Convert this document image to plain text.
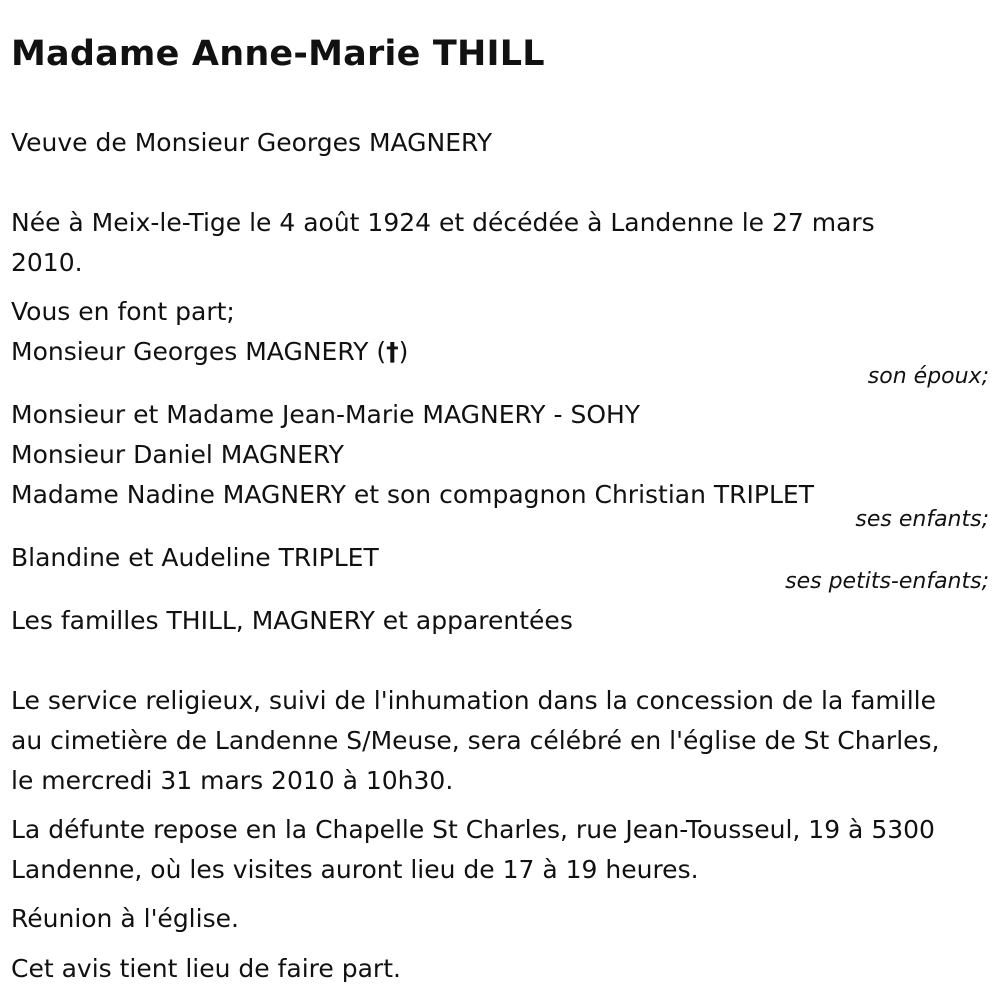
Madame Anne-Marie THILL
Veuve de Monsieur Georges MAGNERY
Née à Meix-le-Tige le 4 août 1924 et décédée à Landenne le 27 mars
2010.
Vous en font part;
Monsieur Georges MAGNERY (†)
son époux;
Monsieur et Madame Jean-Marie MAGNERY - SOHY
Monsieur Daniel MAGNERY
Madame Nadine MAGNERY et son compagnon Christian TRIPLET
ses enfants;
Blandine et Audeline TRIPLET
ses petits-enfants;
Les familles THILL, MAGNERY et apparentées
Le service religieux, suivi de l'inhumation dans la concession de la famille
au cimetière de Landenne S/Meuse, sera célébré en l'église de St Charles,
le mercredi 31 mars 2010 à 10h30.
La défunte repose en la Chapelle St Charles, rue Jean-Tousseul, 19 à 5300
Landenne, où les visites auront lieu de 17 à 19 heures.
Réunion à l'église.
Cet avis tient lieu de faire part.
